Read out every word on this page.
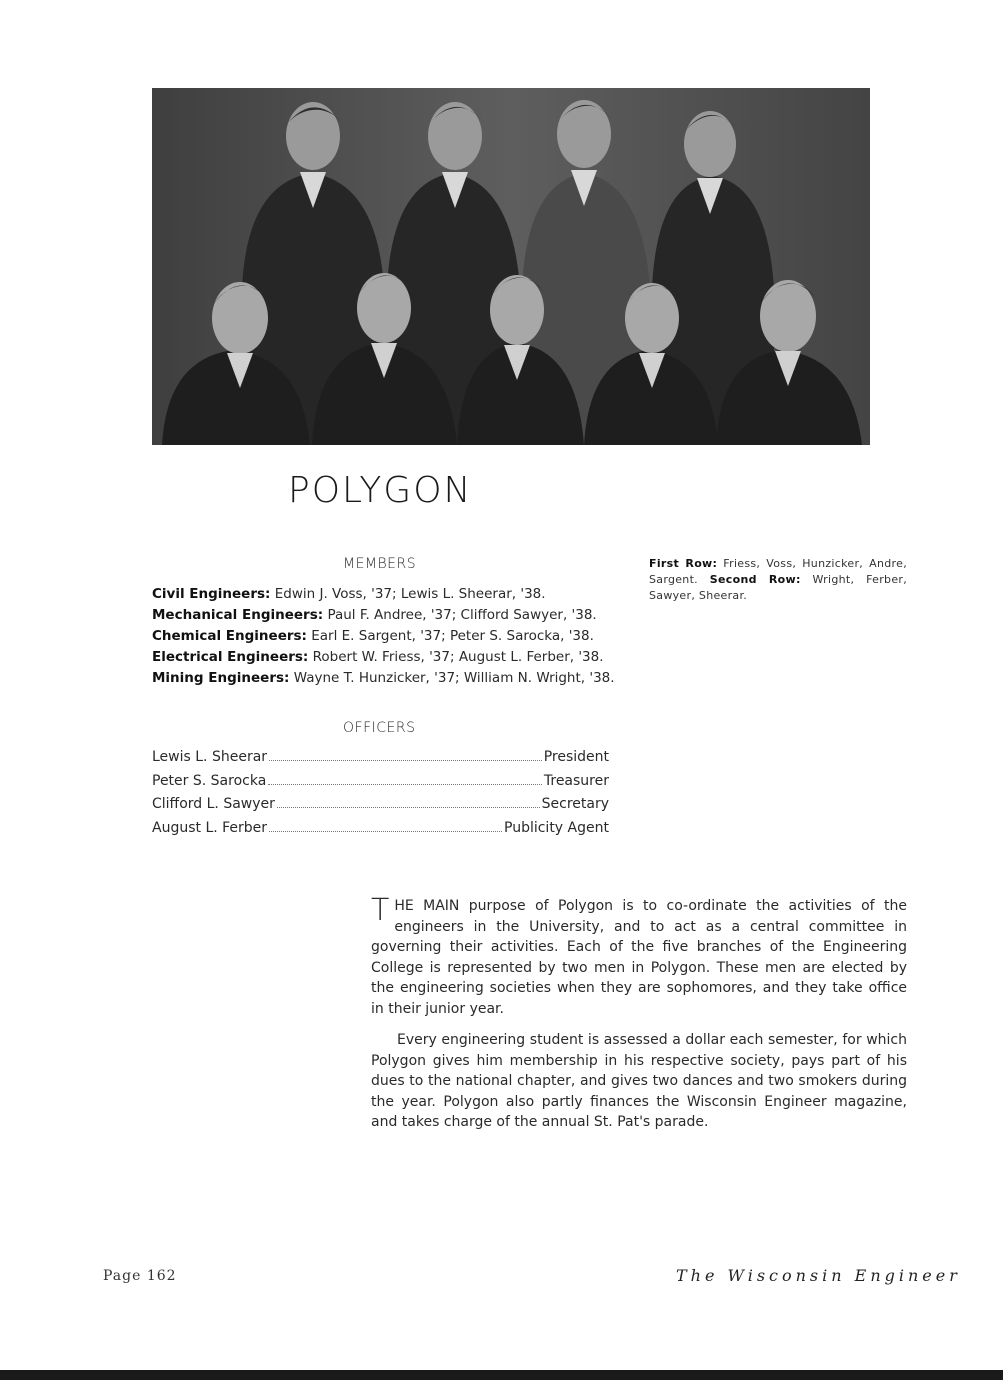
POLYGON
MEMBERS
Civil Engineers: Edwin J. Voss, '37; Lewis L. Sheerar, '38.
Mechanical Engineers: Paul F. Andree, '37; Clifford Sawyer, '38.
Chemical Engineers: Earl E. Sargent, '37; Peter S. Sarocka, '38.
Electrical Engineers: Robert W. Friess, '37; August L. Ferber, '38.
Mining Engineers: Wayne T. Hunzicker, '37; William N. Wright, '38.
First Row: Friess, Voss, Hunzicker, Andre, Sargent. Second Row: Wright, Ferber, Sawyer, Sheerar.
OFFICERS
Lewis L. Sheerar	President
Peter S. Sarocka	Treasurer
Clifford L. Sawyer	Secretary
August L. Ferber	Publicity Agent

THE MAIN purpose of Polygon is to co-ordinate the activities of the engineers in the University, and to act as a central committee in governing their activities. Each of the five branches of the Engineering College is represented by two men in Polygon. These men are elected by the engineering societies when they are sophomores, and they take office in their junior year.

Every engineering student is assessed a dollar each semester, for which Polygon gives him membership in his respective society, pays part of his dues to the national chapter, and gives two dances and two smokers during the year. Polygon also partly finances the Wisconsin Engineer magazine, and takes charge of the annual St. Pat's parade.

Page 162	The Wisconsin Engineer
